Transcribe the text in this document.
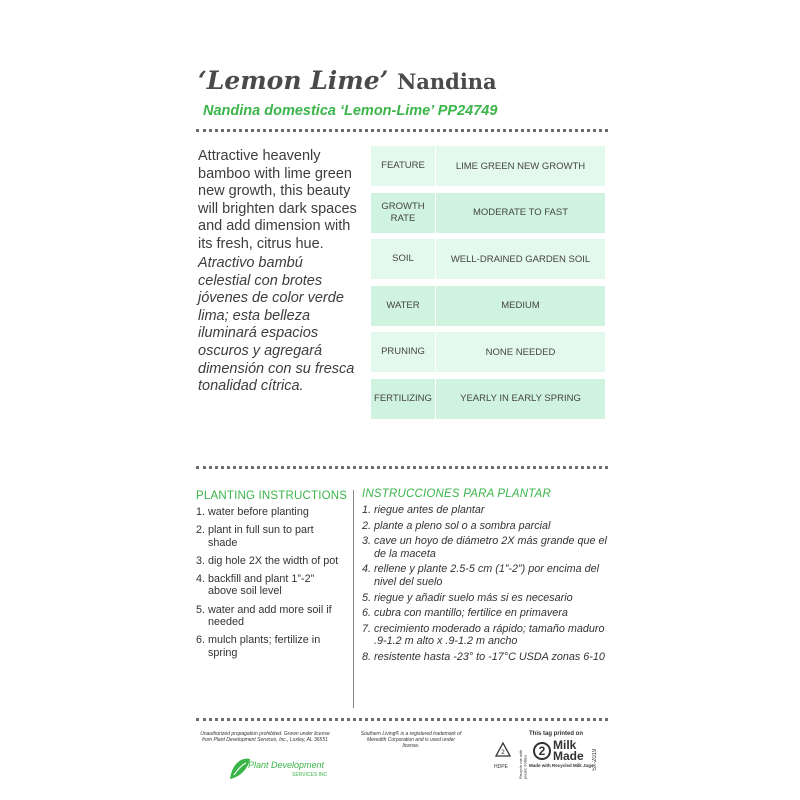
‘Lemon Lime’ Nandina
Nandina domestica ‘Lemon-Lime’ PP24749

Attractive heavenly bamboo with lime green new growth, this beauty will brighten dark spaces and add dimension with its fresh, citrus hue.

Atractivo bambú celestial con brotes jóvenes de color verde lima; esta belleza iluminará espacios oscuros y agregará dimensión con su fresca tonalidad cítrica.

FEATURE	LIME GREEN NEW GROWTH
GROWTH RATE	MODERATE TO FAST
SOIL	WELL-DRAINED GARDEN SOIL
WATER	MEDIUM
PRUNING	NONE NEEDED
FERTILIZING	YEARLY IN EARLY SPRING
PLANTING INSTRUCTIONS INSTRUCCIONES PARA PLANTAR
1. water before planting
2. plant in full sun to part shade
3. dig hole 2X the width of pot
4. backfill and plant 1”-2” above soil level
5. water and add more soil if needed
6. mulch plants; fertilize in spring
1. riegue antes de plantar
2. plante a pleno sol o a sombra parcial
3. cave un hoyo de diámetro 2X más grande que el de la maceta
4. rellene y plante 2.5-5 cm (1”-2”) por encima del nivel del suelo
5. riegue y añadir suelo más si es necesario
6. cubra con mantillo; fertilice en primavera
7. crecimiento moderado a rápido; tamaño maduro .9-1.2 m alto x .9-1.2 m ancho
8. resistente hasta -23° to -17°C USDA zonas 6-10

Unauthorized propagation prohibited. Grown under license from Plant Development Services, Inc., Loxley, AL 36551

Plant Development
SERVICES INC

Southern Living® is a registered trademark of Meredith Corporation and is used under license.

2
HDPE	Recycle me with plastic bottles
This tag printed on
2 Milk Made
Made with Recycled Milk Jugs
Sx-2019
